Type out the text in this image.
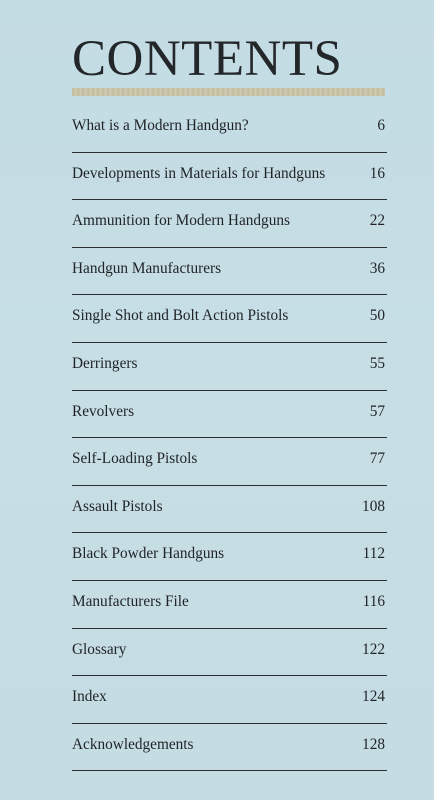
CONTENTS
What is a Modern Handgun?	6
Developments in Materials for Handguns	16
Ammunition for Modern Handguns	22
Handgun Manufacturers	36
Single Shot and Bolt Action Pistols	50
Derringers	55
Revolvers	57
Self-Loading Pistols	77
Assault Pistols	108
Black Powder Handguns	112
Manufacturers File	116
Glossary	122
Index	124
Acknowledgements	128
